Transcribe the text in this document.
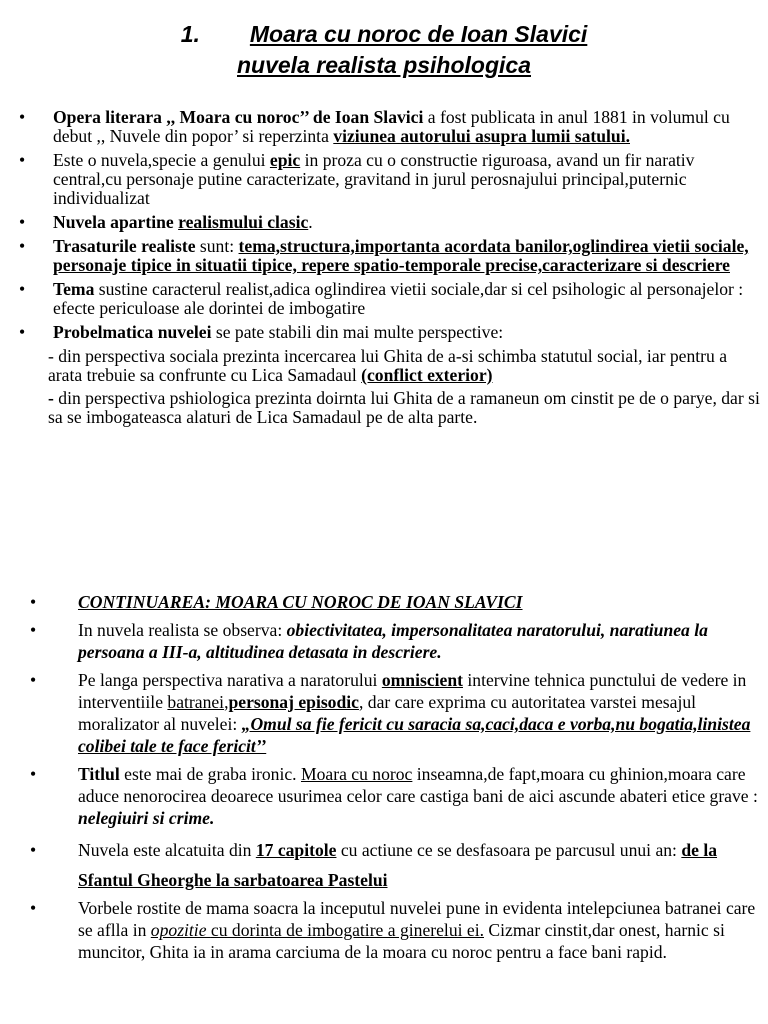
1. Moara cu noroc de Ioan Slavici
nuvela realista psihologica
• Opera literara ,, Moara cu noroc’’ de Ioan Slavici a fost publicata in anul 1881 in volumul cu debut ,, Nuvele din popor’ si reperzinta viziunea autorului asupra lumii satului.
• Este o nuvela,specie a genului epic in proza cu o constructie riguroasa, avand un fir narativ central,cu personaje putine caracterizate, gravitand in jurul perosnajului principal,puternic individualizat
• Nuvela apartine realismului clasic.
• Trasaturile realiste sunt: tema,structura,importanta acordata banilor,oglindirea vietii sociale, personaje tipice in situatii tipice, repere spatio-temporale precise,caracterizare si descriere
• Tema sustine caracterul realist,adica oglindirea vietii sociale,dar si cel psihologic al personajelor : efecte periculoase ale dorintei de imbogatire
• Probelmatica nuvelei se pate stabili din mai multe perspective:
- din perspectiva sociala prezinta incercarea lui Ghita de a-si schimba statutul social, iar pentru a arata trebuie sa confrunte cu Lica Samadaul (conflict exterior)
- din perspectiva pshiologica prezinta doirnta lui Ghita de a ramaneun om cinstit pe de o parye, dar si sa se imbogateasca alaturi de Lica Samadaul pe de alta parte.
• CONTINUAREA: MOARA CU NOROC DE IOAN SLAVICI
• In nuvela realista se observa: obiectivitatea, impersonalitatea naratorului, naratiunea la persoana a III-a, altitudinea detasata in descriere.
• Pe langa perspectiva narativa a naratorului omniscient intervine tehnica punctului de vedere in interventiile batranei,personaj episodic, dar care exprima cu autoritatea varstei mesajul moralizator al nuvelei: „Omul sa fie fericit cu saracia sa,caci,daca e vorba,nu bogatia,linistea colibei tale te face fericit’’
• Titlul este mai de graba ironic. Moara cu noroc inseamna,de fapt,moara cu ghinion,moara care aduce nenorocirea deoarece usurimea celor care castiga bani de aici ascunde abateri etice grave : nelegiuiri si crime.
• Nuvela este alcatuita din 17 capitole cu actiune ce se desfasoara pe parcusul unui an: de la Sfantul Gheorghe la sarbatoarea Pastelui
• Vorbele rostite de mama soacra la inceputul nuvelei pune in evidenta intelepciunea batranei care se aflla in opozitie cu dorinta de imbogatire a ginerelui ei. Cizmar cinstit,dar onest, harnic si muncitor, Ghita ia in arama carciuma de la moara cu noroc pentru a face bani rapid.
